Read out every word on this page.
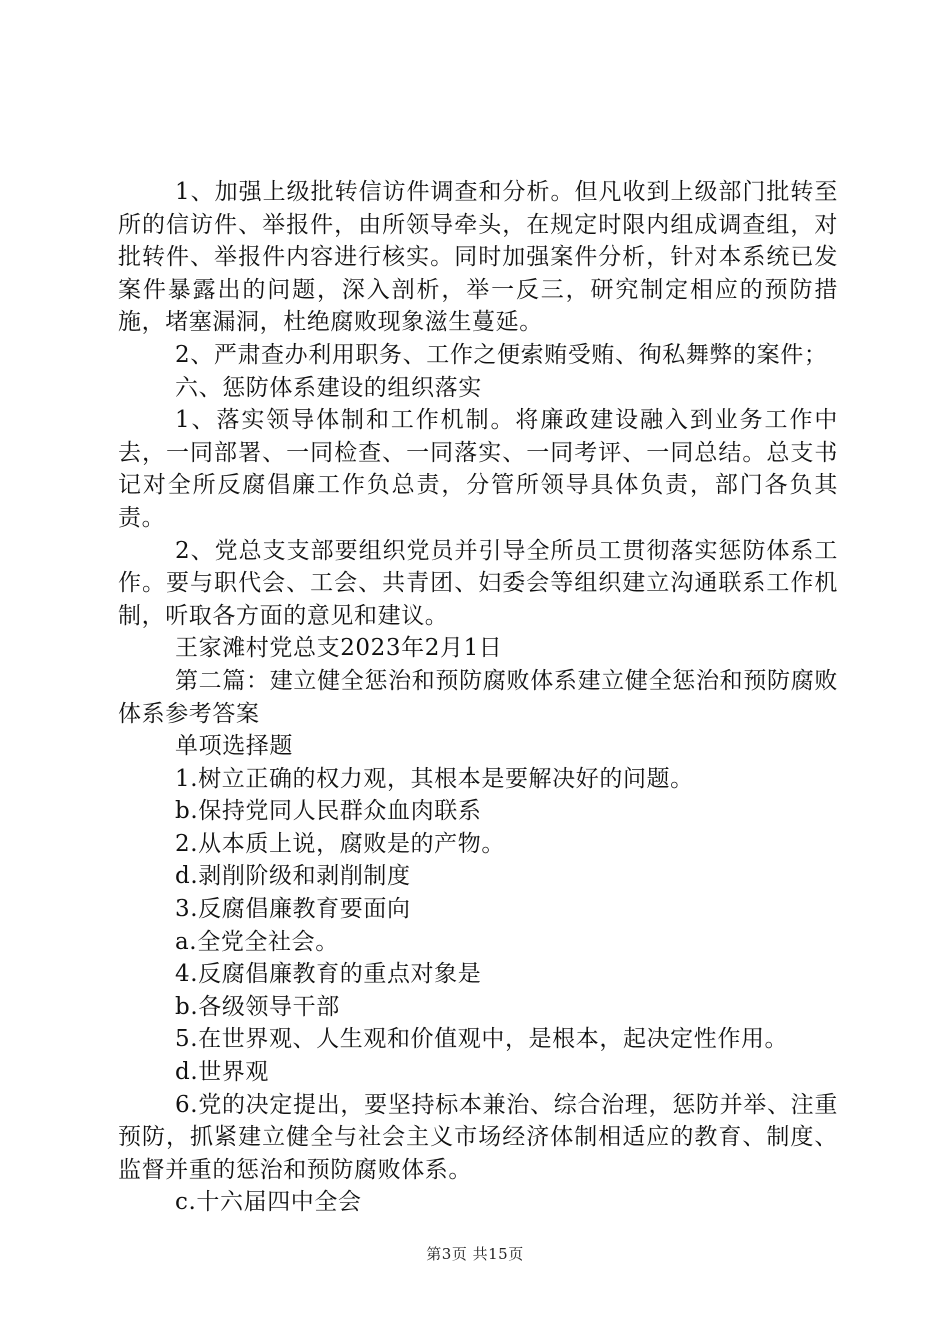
1、加强上级批转信访件调查和分析。但凡收到上级部门批转至所的信访件、举报件，由所领导牵头，在规定时限内组成调查组，对批转件、举报件内容进行核实。同时加强案件分析，针对本系统已发案件暴露出的问题，深入剖析，举一反三，研究制定相应的预防措施，堵塞漏洞，杜绝腐败现象滋生蔓延。

2、严肃查办利用职务、工作之便索贿受贿、徇私舞弊的案件；

六、惩防体系建设的组织落实

1、落实领导体制和工作机制。将廉政建设融入到业务工作中去，一同部署、一同检查、一同落实、一同考评、一同总结。总支书记对全所反腐倡廉工作负总责，分管所领导具体负责，部门各负其责。

2、党总支支部要组织党员并引导全所员工贯彻落实惩防体系工作。要与职代会、工会、共青团、妇委会等组织建立沟通联系工作机制，听取各方面的意见和建议。

王家滩村党总支2023年2月1日

第二篇：建立健全惩治和预防腐败体系建立健全惩治和预防腐败体系参考答案

单项选择题

1.树立正确的权力观，其根本是要解决好的问题。

b.保持党同人民群众血肉联系

2.从本质上说，腐败是的产物。

d.剥削阶级和剥削制度

3.反腐倡廉教育要面向

a.全党全社会。

4.反腐倡廉教育的重点对象是

b.各级领导干部

5.在世界观、人生观和价值观中，是根本，起决定性作用。

d.世界观

6.党的决定提出，要坚持标本兼治、综合治理，惩防并举、注重预防，抓紧建立健全与社会主义市场经济体制相适应的教育、制度、监督并重的惩治和预防腐败体系。

c.十六届四中全会

第3页 共15页
